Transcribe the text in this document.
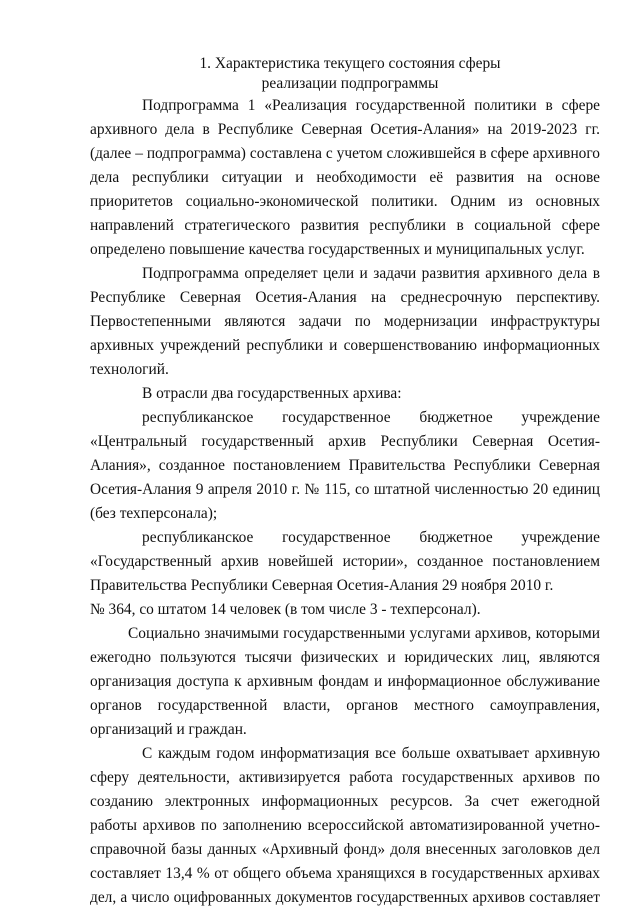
1. Характеристика текущего состояния сферы
реализации подпрограммы
Подпрограмма 1 «Реализация государственной политики в сфере
архивного дела в Республике Северная Осетия-Алания» на 2019-2023 гг.
(далее – подпрограмма) составлена с учетом сложившейся в сфере архивного
дела республики ситуации и необходимости её развития на основе
приоритетов социально-экономической политики. Одним из основных
направлений стратегического развития республики в социальной сфере
определено повышение качества государственных и муниципальных услуг.
Подпрограмма определяет цели и задачи развития архивного дела в
Республике Северная Осетия-Алания на среднесрочную перспективу.
Первостепенными являются задачи по модернизации инфраструктуры
архивных учреждений республики и совершенствованию информационных
технологий.
В отрасли два государственных архива:
республиканское государственное бюджетное учреждение
«Центральный государственный архив Республики Северная Осетия-
Алания», созданное постановлением Правительства Республики Северная
Осетия-Алания 9 апреля 2010 г. № 115, со штатной численностью 20 единиц
(без техперсонала);
республиканское государственное бюджетное учреждение
«Государственный архив новейшей истории», созданное постановлением
Правительства Республики Северная Осетия-Алания 29 ноября 2010 г.
№ 364, со штатом 14 человек (в том числе 3 - техперсонал).
Социально значимыми государственными услугами архивов, которыми
ежегодно пользуются тысячи физических и юридических лиц, являются
организация доступа к архивным фондам и информационное обслуживание
органов государственной власти, органов местного самоуправления,
организаций и граждан.
С каждым годом информатизация все больше охватывает архивную
сферу деятельности, активизируется работа государственных архивов по
созданию электронных информационных ресурсов. За счет ежегодной
работы архивов по заполнению всероссийской автоматизированной учетно-
справочной базы данных «Архивный фонд» доля внесенных заголовков дел
составляет 13,4 % от общего объема хранящихся в государственных архивах
дел, а число оцифрованных документов государственных архивов составляет
